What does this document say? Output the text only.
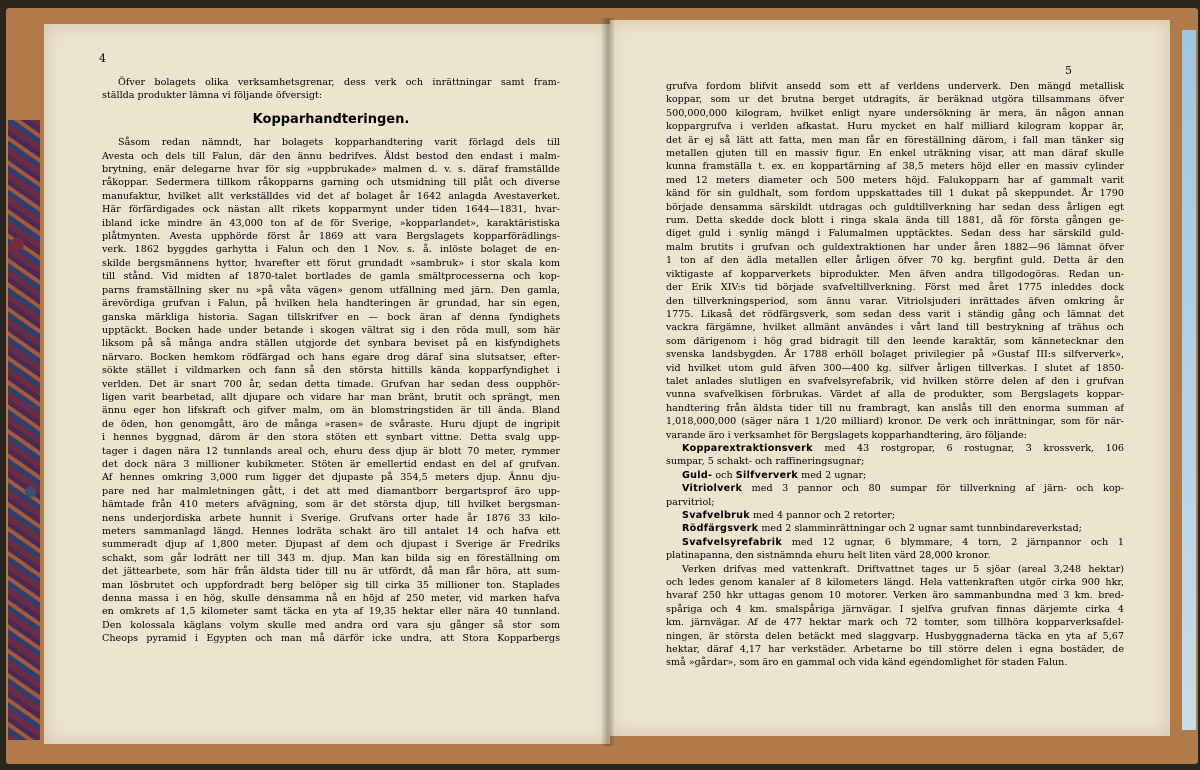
4
5
Öfver bolagets olika verksamhetsgrenar, dess verk och inrättningar samt fram-
ställda produkter lämna vi följande öfversigt:
Kopparhandteringen.
Såsom redan nämndt, har bolagets kopparhandtering varit förlagd dels till
Avesta och dels till Falun, där den ännu bedrifves. Äldst bestod den endast i malm-
brytning, enär delegarne hvar för sig »uppbrukade» malmen d. v. s. däraf framställde
råkoppar. Sedermera tillkom råkopparns garning och utsmidning till plåt och diverse
manufaktur, hvilket allt verkställdes vid det af bolaget år 1642 anlagda Avestaverket.
Här förfärdigades ock nästan allt rikets kopparmynt under tiden 1644—1831, hvar-
ibland icke mindre än 43,000 ton af de för Sverige, »kopparlandet», karaktäristiska
plåtmynten. Avesta upphörde först år 1869 att vara Bergslagets kopparförädlings-
verk. 1862 byggdes garhytta i Falun och den 1 Nov. s. å. inlöste bolaget de en-
skilde bergsmännens hyttor, hvarefter ett förut grundadt »sambruk» i stor skala kom
till stånd. Vid midten af 1870-talet bortlades de gamla smältprocesserna och kop-
parns framställning sker nu »på våta vägen» genom utfällning med järn. Den gamla,
ärevördiga grufvan i Falun, på hvilken hela handteringen är grundad, har sin egen,
ganska märkliga historia. Sagan tillskrifver en — bock äran af denna fyndighets
upptäckt. Bocken hade under betande i skogen vältrat sig i den röda mull, som här
liksom på så många andra ställen utgjorde det synbara beviset på en kisfyndighets
närvaro. Bocken hemkom rödfärgad och hans egare drog däraf sina slutsatser, efter-
sökte stället i vildmarken och fann så den största hittills kända kopparfyndighet i
verlden. Det är snart 700 år, sedan detta timade. Grufvan har sedan dess oupphör-
ligen varit bearbetad, allt djupare och vidare har man bränt, brutit och sprängt, men
ännu eger hon lifskraft och gifver malm, om än blomstringstiden är till ända. Bland
de öden, hon genomgått, äro de många »rasen» de svåraste. Huru djupt de ingripit
i hennes byggnad, därom är den stora stöten ett synbart vittne. Detta svalg upp-
tager i dagen nära 12 tunnlands areal och, ehuru dess djup är blott 70 meter, rymmer
det dock nära 3 millioner kubikmeter. Stöten är emellertid endast en del af grufvan.
Af hennes omkring 3,000 rum ligger det djupaste på 354,5 meters djup. Ännu dju-
pare ned har malmletningen gått, i det att med diamantborr bergartsprof äro upp-
hämtade från 410 meters afvägning, som är det största djup, till hvilket bergsman-
nens underjordiska arbete hunnit i Sverige. Grufvans orter hade år 1876 33 kilo-
meters sammanlagd längd. Hennes lodräta schakt äro till antalet 14 och hafva ett
summeradt djup af 1,800 meter. Djupast af dem och djupast i Sverige är Fredriks
schakt, som går lodrätt ner till 343 m. djup. Man kan bilda sig en föreställning om
det jättearbete, som här från äldsta tider till nu är utfördt, då man får höra, att sum-
man lösbrutet och uppfordradt berg belöper sig till cirka 35 millioner ton. Staplades
denna massa i en hög, skulle densamma nå en höjd af 250 meter, vid marken hafva
en omkrets af 1,5 kilometer samt täcka en yta af 19,35 hektar eller nära 40 tunnland.
Den kolossala käglans volym skulle med andra ord vara sju gånger så stor som
Cheops pyramid i Egypten och man må därför icke undra, att Stora Kopparbergs
grufva fordom blifvit ansedd som ett af verldens underverk. Den mängd metallisk
koppar, som ur det brutna berget utdragits, är beräknad utgöra tillsammans öfver
500,000,000 kilogram, hvilket enligt nyare undersökning är mera, än någon annan
koppargrufva i verlden afkastat. Huru mycket en half milliard kilogram koppar är,
det är ej så lätt att fatta, men man får en föreställning därom, i fall man tänker sig
metallen gjuten till en massiv figur. En enkel uträkning visar, att man däraf skulle
kunna framställa t. ex. en koppartärning af 38,5 meters höjd eller en massiv cylinder
med 12 meters diameter och 500 meters höjd. Falukopparn har af gammalt varit
känd för sin guldhalt, som fordom uppskattades till 1 dukat på skeppundet. År 1790
började densamma särskildt utdragas och guldtillverkning har sedan dess årligen egt
rum. Detta skedde dock blott i ringa skala ända till 1881, då för första gången ge-
diget guld i synlig mängd i Falumalmen upptäcktes. Sedan dess har särskild guld-
malm brutits i grufvan och guldextraktionen har under åren 1882—96 lämnat öfver
1 ton af den ädla metallen eller årligen öfver 70 kg. bergfint guld. Detta är den
viktigaste af kopparverkets biprodukter. Men äfven andra tillgodogöras. Redan un-
der Erik XIV:s tid började svafveltillverkning. Först med året 1775 inleddes dock
den tillverkningsperiod, som ännu varar. Vitriolsjuderi inrättades äfven omkring år
1775. Likaså det rödfärgsverk, som sedan dess varit i ständig gång och lämnat det
vackra färgämne, hvilket allmänt användes i vårt land till bestrykning af trähus och
som därigenom i hög grad bidragit till den leende karaktär, som kännetecknar den
svenska landsbygden. År 1788 erhöll bolaget privilegier på »Gustaf III:s silfververk»,
vid hvilket utom guld äfven 300—400 kg. silfver årligen tillverkas. I slutet af 1850-
talet anlades slutligen en svafvelsyrefabrik, vid hvilken större delen af den i grufvan
vunna svafvelkisen förbrukas. Värdet af alla de produkter, som Bergslagets koppar-
handtering från äldsta tider till nu frambragt, kan anslås till den enorma summan af
1,018,000,000 (säger nära 1 1/20 milliard) kronor. De verk och inrättningar, som för när-
varande äro i verksamhet för Bergslagets kopparhandtering, äro följande:
Kopparextraktionsverk med 43 rostgropar, 6 rostugnar, 3 krossverk, 106
sumpar, 5 schakt- och raffineringsugnar;
Guld- och Silfververk med 2 ugnar;
Vitriolverk med 3 pannor och 80 sumpar för tillverkning af järn- och kop-
parvitriol;
Svafvelbruk med 4 pannor och 2 retorter;
Rödfärgsverk med 2 slamminrättningar och 2 ugnar samt tunnbindareverkstad;
Svafvelsyrefabrik med 12 ugnar, 6 blymmare, 4 torn, 2 järnpannor och 1
platinapanna, den sistnämnda ehuru helt liten värd 28,000 kronor.
Verken drifvas med vattenkraft. Driftvattnet tages ur 5 sjöar (areal 3,248 hektar)
och ledes genom kanaler af 8 kilometers längd. Hela vattenkraften utgör cirka 900 hkr,
hvaraf 250 hkr uttagas genom 10 motorer. Verken äro sammanbundna med 3 km. bred-
spåriga och 4 km. smalspåriga järnvägar. I sjelfva grufvan finnas därjemte cirka 4
km. järnvägar. Af de 477 hektar mark och 72 tomter, som tillhöra kopparverksafdel-
ningen, är största delen betäckt med slaggvarp. Husbyggnaderna täcka en yta af 5,67
hektar, däraf 4,17 har verkstäder. Arbetarne bo till större delen i egna bostäder, de
små »gårdar», som äro en gammal och vida känd egendomlighet för staden Falun.
